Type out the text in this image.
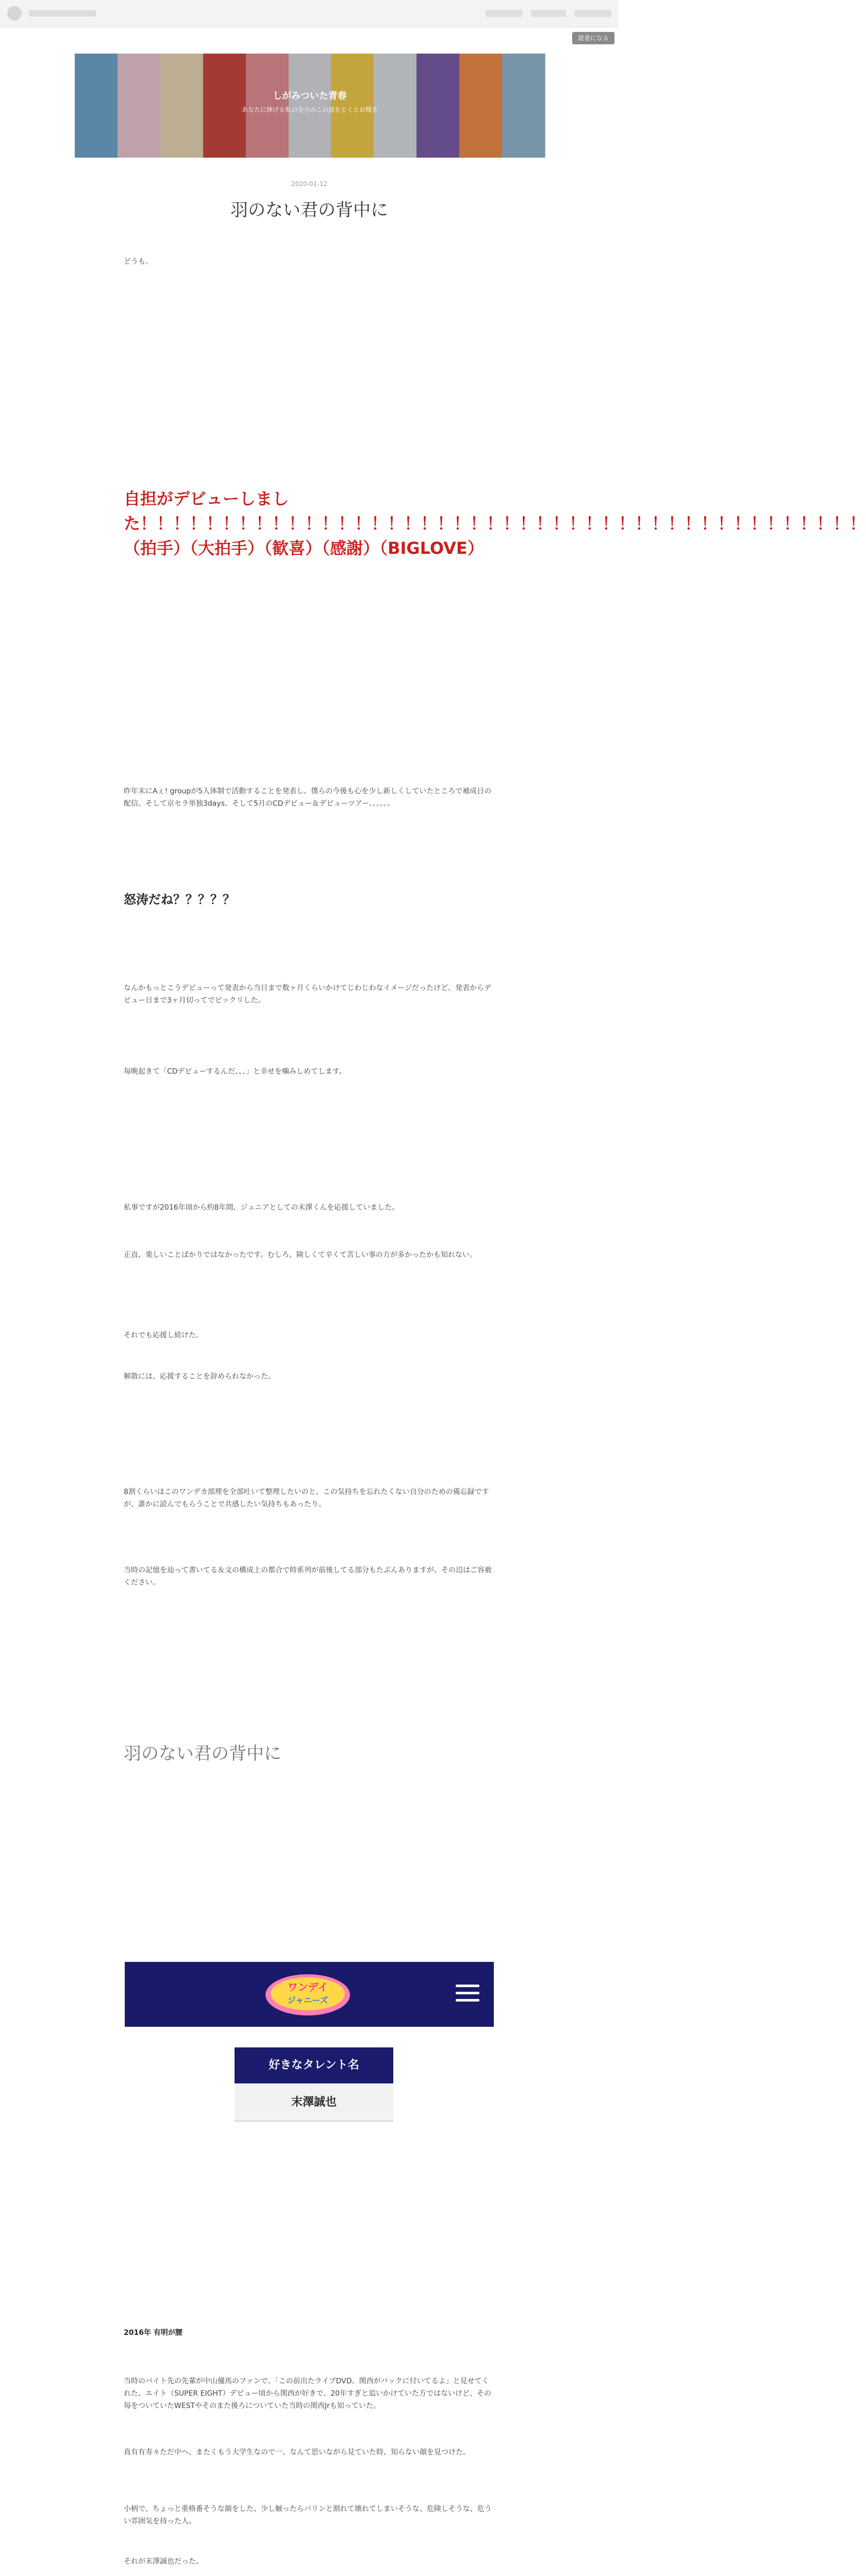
読者になる
しがみついた青春
あなたに捧げる私の全力のこの話をとくとお聞き
2020-01-12
羽のない君の背中に
どうも。
自担がデビューしました！！！！！！！！！！！！！！！！！！！！！！！！！！！！！！！！！！！！！！！！！！！！（拍手）（大拍手）（歓喜）（感謝）（BIGLOVE）
昨年末にAぇ! groupが5人体制で活動することを発表し、僕らの今後も心を少し新しくしていたところで補成日の配信、そして京セラ単独3days、そして5月のCDデビュー＆デビューツアー。。。。。。
怒涛だね？？？？？
なんかもっとこうデビューって発表から当日まで数ヶ月くらいかけてじわじわなイメージだったけど、発表からデビュー日まで3ヶ月切ってでビックリした。
毎晩起きて「CDデビューするんだ、、、」と幸せを噛みしめてします。
私事ですが2016年頃から約8年間、ジュニアとしての末澤くんを応援していました。
正直、楽しいことばかりではなかったです。むしろ、険しくて辛くて苦しい事の方が多かったかも知れない。
それでも応援し続けた。
解散には、応援することを辞められなかった。
8割くらいはこのワンデカ部理を全部吐いて整理したいのと、この気持ちを忘れたくない自分のための備忘録ですが、誰かに読んでもらうことで共感したい気持ちもあったり。
当時の記憶を辿って書いてる＆文の構成上の都合で時系列が前後してる部分もたぶんありますが、その辺はご容赦ください。
羽のない君の背中に
ワンデイ
ジャニーズ
好きなタレント名
末澤誠也
2016年 有明が腰
当時のバイト先の先輩が中山優馬のファンで、「この前出たライブDVD、関西がバックに付いてるよ」と見せてくれた、エイト（SUPER EIGHT）デビュー頃から関西が好きで、20年すぎと追いかけていた方ではないけど、その毎をついていたWESTやそのまた後ろについていた当時の関西Jrも知っていた。
真有有寿々ただ中へ、またくもう大学生なので一、なんて思いながら見ていた時、知らない顔を見つけた。
小柄で、ちょっと重格番そうな顔をした、少し触ったらパリンと割れて壊れてしまいそうな、危険しそうな、危うい雰囲気を持った人。
それが末澤誠也だった。
